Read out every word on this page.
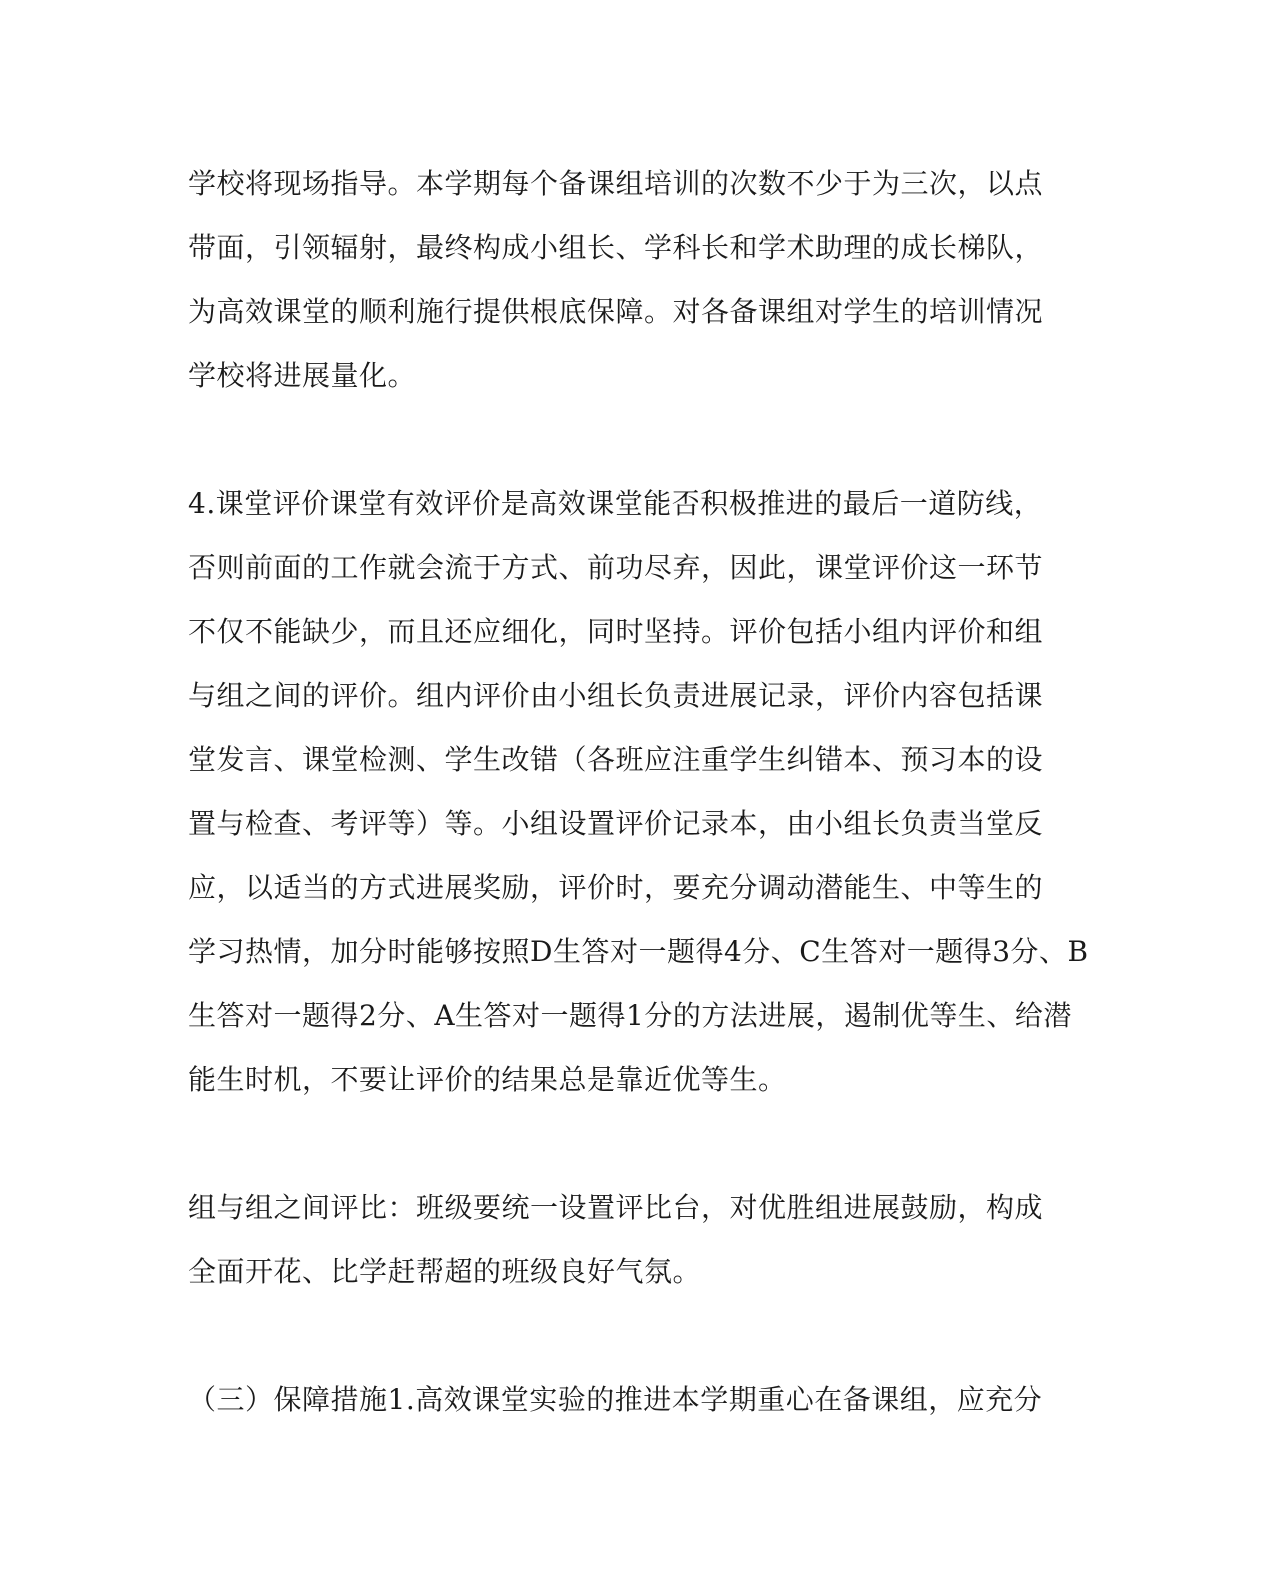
学校将现场指导。本学期每个备课组培训的次数不少于为三次，以点
带面，引领辐射，最终构成小组长、学科长和学术助理的成长梯队，
为高效课堂的顺利施行提供根底保障。对各备课组对学生的培训情况
学校将进展量化。
4.课堂评价课堂有效评价是高效课堂能否积极推进的最后一道防线，
否则前面的工作就会流于方式、前功尽弃，因此，课堂评价这一环节
不仅不能缺少，而且还应细化，同时坚持。评价包括小组内评价和组
与组之间的评价。组内评价由小组长负责进展记录，评价内容包括课
堂发言、课堂检测、学生改错（各班应注重学生纠错本、预习本的设
置与检查、考评等）等。小组设置评价记录本，由小组长负责当堂反
应，以适当的方式进展奖励，评价时，要充分调动潜能生、中等生的
学习热情，加分时能够按照D生答对一题得4分、C生答对一题得3分、B
生答对一题得2分、A生答对一题得1分的方法进展，遏制优等生、给潜
能生时机，不要让评价的结果总是靠近优等生。
组与组之间评比：班级要统一设置评比台，对优胜组进展鼓励，构成
全面开花、比学赶帮超的班级良好气氛。
（三）保障措施1.高效课堂实验的推进本学期重心在备课组，应充分
